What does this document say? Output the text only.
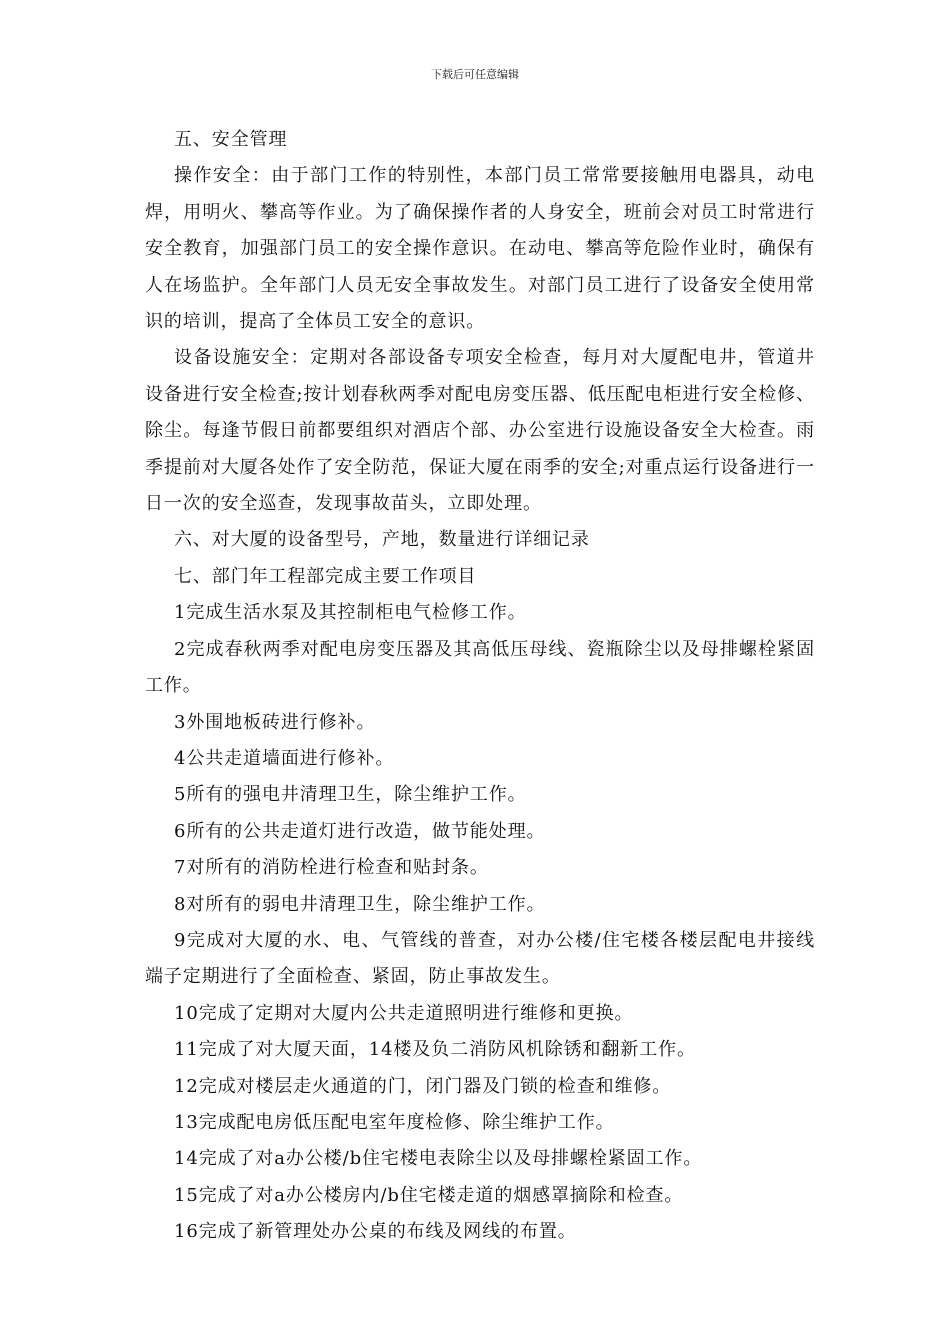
下载后可任意编辑

五、安全管理

操作安全：由于部门工作的特别性，本部门员工常常要接触用电器具，动电焊，用明火、攀高等作业。为了确保操作者的人身安全，班前会对员工时常进行安全教育，加强部门员工的安全操作意识。在动电、攀高等危险作业时，确保有人在场监护。全年部门人员无安全事故发生。对部门员工进行了设备安全使用常识的培训，提高了全体员工安全的意识。

设备设施安全：定期对各部设备专项安全检查，每月对大厦配电井，管道井设备进行安全检查;按计划春秋两季对配电房变压器、低压配电柜进行安全检修、除尘。每逢节假日前都要组织对酒店个部、办公室进行设施设备安全大检查。雨季提前对大厦各处作了安全防范，保证大厦在雨季的安全;对重点运行设备进行一日一次的安全巡查，发现事故苗头，立即处理。

六、对大厦的设备型号，产地，数量进行详细记录

七、部门年工程部完成主要工作项目

1完成生活水泵及其控制柜电气检修工作。

2完成春秋两季对配电房变压器及其高低压母线、瓷瓶除尘以及母排螺栓紧固工作。

3外围地板砖进行修补。

4公共走道墙面进行修补。

5所有的强电井清理卫生，除尘维护工作。

6所有的公共走道灯进行改造，做节能处理。

7对所有的消防栓进行检查和贴封条。

8对所有的弱电井清理卫生，除尘维护工作。

9完成对大厦的水、电、气管线的普查，对办公楼/住宅楼各楼层配电井接线端子定期进行了全面检查、紧固，防止事故发生。

10完成了定期对大厦内公共走道照明进行维修和更换。

11完成了对大厦天面，14楼及负二消防风机除锈和翻新工作。

12完成对楼层走火通道的门，闭门器及门锁的检查和维修。

13完成配电房低压配电室年度检修、除尘维护工作。

14完成了对a办公楼/b住宅楼电表除尘以及母排螺栓紧固工作。

15完成了对a办公楼房内/b住宅楼走道的烟感罩摘除和检查。

16完成了新管理处办公桌的布线及网线的布置。
